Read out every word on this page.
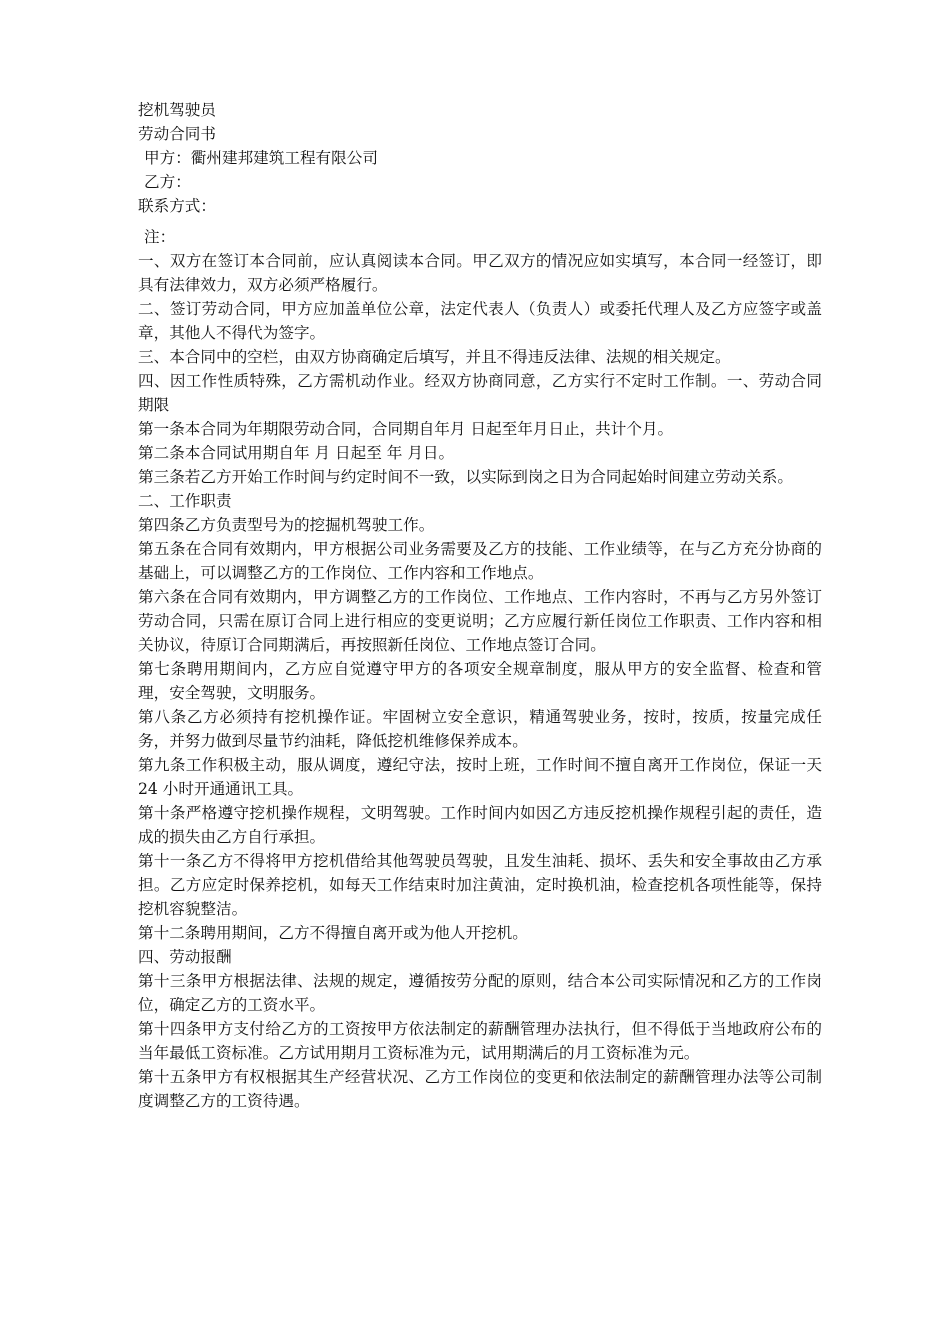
挖机驾驶员

劳动合同书

甲方：衢州建邦建筑工程有限公司

乙方：

联系方式：

注：

一、双方在签订本合同前，应认真阅读本合同。甲乙双方的情况应如实填写，本合同一经签订，即具有法律效力，双方必须严格履行。

二、签订劳动合同，甲方应加盖单位公章，法定代表人（负责人）或委托代理人及乙方应签字或盖章，其他人不得代为签字。

三、本合同中的空栏，由双方协商确定后填写，并且不得违反法律、法规的相关规定。

四、因工作性质特殊，乙方需机动作业。经双方协商同意，乙方实行不定时工作制。一、劳动合同期限

第一条本合同为年期限劳动合同，合同期自年月 日起至年月日止，共计个月。

第二条本合同试用期自年 月 日起至 年 月日。

第三条若乙方开始工作时间与约定时间不一致，以实际到岗之日为合同起始时间建立劳动关系。

二、工作职责

第四条乙方负责型号为的挖掘机驾驶工作。

第五条在合同有效期内，甲方根据公司业务需要及乙方的技能、工作业绩等，在与乙方充分协商的基础上，可以调整乙方的工作岗位、工作内容和工作地点。

第六条在合同有效期内，甲方调整乙方的工作岗位、工作地点、工作内容时，不再与乙方另外签订劳动合同，只需在原订合同上进行相应的变更说明；乙方应履行新任岗位工作职责、工作内容和相关协议，待原订合同期满后，再按照新任岗位、工作地点签订合同。

第七条聘用期间内，乙方应自觉遵守甲方的各项安全规章制度，服从甲方的安全监督、检查和管理，安全驾驶，文明服务。

第八条乙方必须持有挖机操作证。牢固树立安全意识，精通驾驶业务，按时，按质，按量完成任务，并努力做到尽量节约油耗，降低挖机维修保养成本。

第九条工作积极主动，服从调度，遵纪守法，按时上班，工作时间不擅自离开工作岗位，保证一天 24 小时开通通讯工具。

第十条严格遵守挖机操作规程，文明驾驶。工作时间内如因乙方违反挖机操作规程引起的责任，造成的损失由乙方自行承担。

第十一条乙方不得将甲方挖机借给其他驾驶员驾驶，且发生油耗、损坏、丢失和安全事故由乙方承担。乙方应定时保养挖机，如每天工作结束时加注黄油，定时换机油，检查挖机各项性能等，保持挖机容貌整洁。

第十二条聘用期间，乙方不得擅自离开或为他人开挖机。

四、劳动报酬

第十三条甲方根据法律、法规的规定，遵循按劳分配的原则，结合本公司实际情况和乙方的工作岗位，确定乙方的工资水平。

第十四条甲方支付给乙方的工资按甲方依法制定的薪酬管理办法执行，但不得低于当地政府公布的当年最低工资标准。乙方试用期月工资标准为元，试用期满后的月工资标准为元。

第十五条甲方有权根据其生产经营状况、乙方工作岗位的变更和依法制定的薪酬管理办法等公司制度调整乙方的工资待遇。
